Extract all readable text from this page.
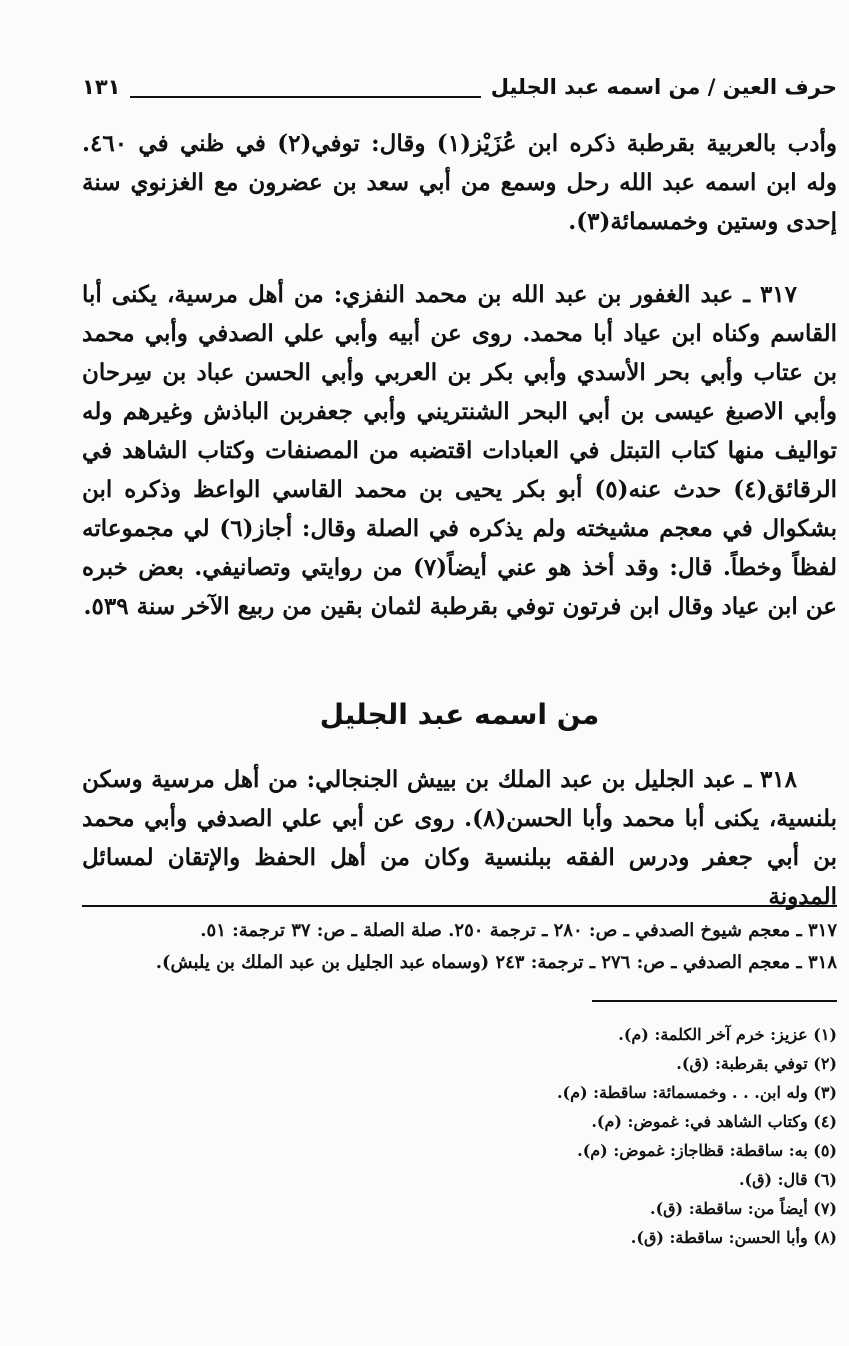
حرف العين / من اسمه عبد الجليل
١٣١

وأدب بالعربية بقرطبة ذكره ابن عُزَيْز(١) وقال: توفي(٢) في ظني في ٤٦٠. وله ابن اسمه عبد الله رحل وسمع من أبي سعد بن عضرون مع الغزنوي سنة إحدى وستين وخمسمائة(٣).

٣١٧ ـ عبد الغفور بن عبد الله بن محمد النفزي: من أهل مرسية، يكنى أبا القاسم وكناه ابن عياد أبا محمد. روى عن أبيه وأبي علي الصدفي وأبي محمد بن عتاب وأبي بحر الأسدي وأبي بكر بن العربي وأبي الحسن عباد بن سِرحان وأبي الاصبغ عيسى بن أبي البحر الشنتريني وأبي جعفربن الباذش وغيرهم وله تواليف منها كتاب التبتل في العبادات اقتضبه من المصنفات وكتاب الشاهد في الرقائق(٤) حدث عنه(٥) أبو بكر يحيى بن محمد القاسي الواعظ وذكره ابن بشكوال في معجم مشيخته ولم يذكره في الصلة وقال: أجاز(٦) لي مجموعاته لفظاً وخطاً. قال: وقد أخذ هو عني أيضاً(٧) من روايتي وتصانيفي. بعض خبره عن ابن عياد وقال ابن فرتون توفي بقرطبة لثمان بقين من ربيع الآخر سنة ٥٣٩.

من اسمه عبد الجليل

٣١٨ ـ عبد الجليل بن عبد الملك بن بييش الجنجالي: من أهل مرسية وسكن بلنسية، يكنى أبا محمد وأبا الحسن(٨). روى عن أبي علي الصدفي وأبي محمد بن أبي جعفر ودرس الفقه ببلنسية وكان من أهل الحفظ والإتقان لمسائل المدونة

٣١٧ ـ معجم شيوخ الصدفي ـ ص: ٢٨٠ ـ ترجمة ٢٥٠. صلة الصلة ـ ص: ٣٧ ترجمة: ٥١.
٣١٨ ـ معجم الصدفي ـ ص: ٢٧٦ ـ ترجمة: ٢٤٣ (وسماه عبد الجليل بن عبد الملك بن يلبش).
(١) عزيز: خرم آخر الكلمة: (م).
(٢) توفي بقرطبة: (ق).
(٣) وله ابن. . . وخمسمائة: ساقطة: (م).
(٤) وكتاب الشاهد في: غموض: (م).
(٥) به: ساقطة: قظاجاز: غموض: (م).
(٦) قال: (ق).
(٧) أيضاً من: ساقطة: (ق).
(٨) وأبا الحسن: ساقطة: (ق).
